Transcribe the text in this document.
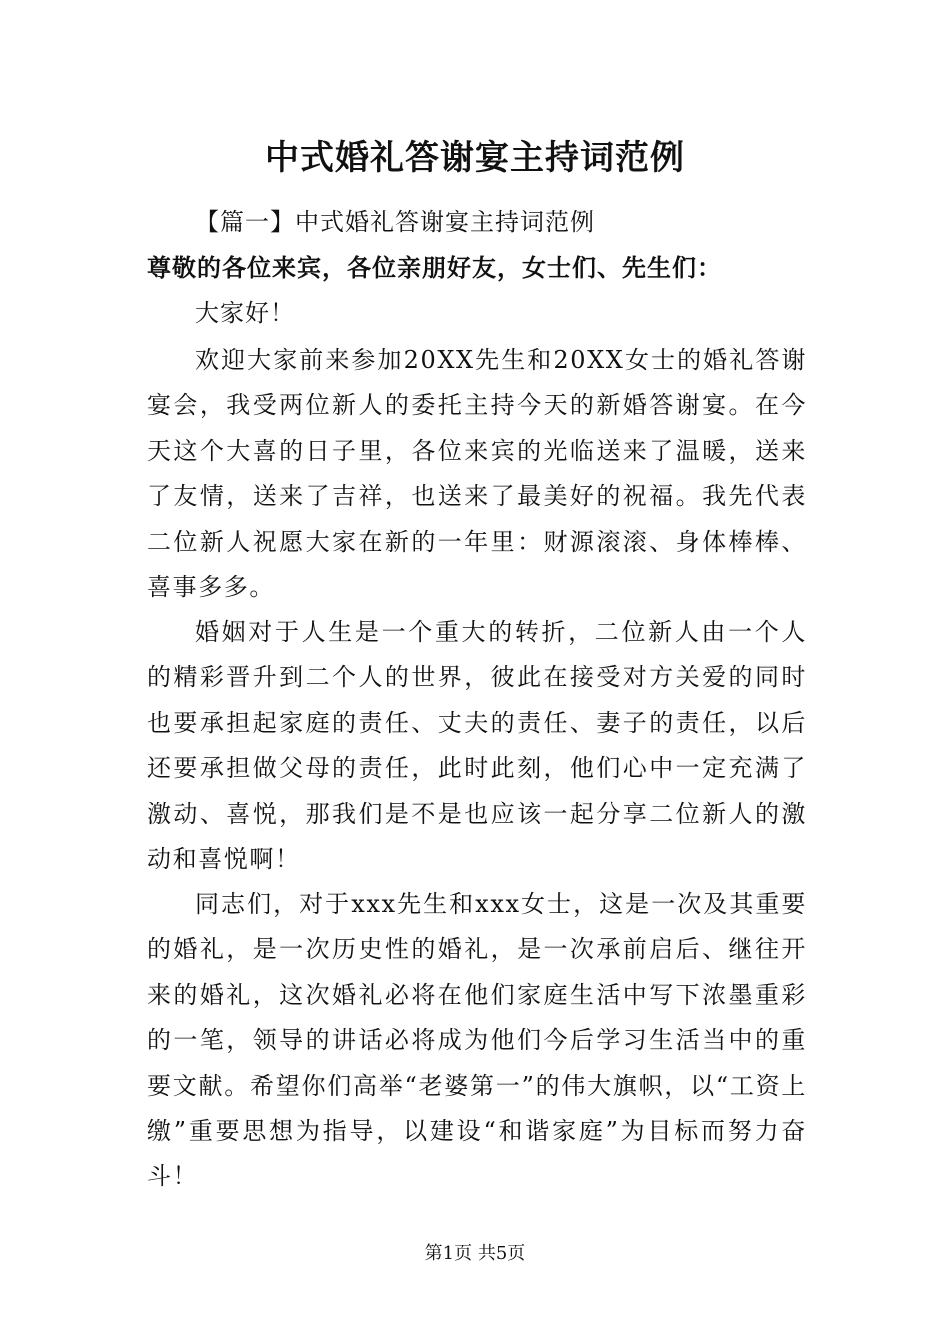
中式婚礼答谢宴主持词范例
【篇一】中式婚礼答谢宴主持词范例
尊敬的各位来宾，各位亲朋好友，女士们、先生们：
大家好！

欢迎大家前来参加20XX先生和20XX女士的婚礼答谢宴会，我受两位新人的委托主持今天的新婚答谢宴。在今天这个大喜的日子里，各位来宾的光临送来了温暖，送来了友情，送来了吉祥，也送来了最美好的祝福。我先代表二位新人祝愿大家在新的一年里：财源滚滚、身体棒棒、喜事多多。

婚姻对于人生是一个重大的转折，二位新人由一个人的精彩晋升到二个人的世界，彼此在接受对方关爱的同时也要承担起家庭的责任、丈夫的责任、妻子的责任，以后还要承担做父母的责任，此时此刻，他们心中一定充满了激动、喜悦，那我们是不是也应该一起分享二位新人的激动和喜悦啊！

同志们，对于xxx先生和xxx女士，这是一次及其重要的婚礼，是一次历史性的婚礼，是一次承前启后、继往开来的婚礼，这次婚礼必将在他们家庭生活中写下浓墨重彩的一笔，领导的讲话必将成为他们今后学习生活当中的重要文献。希望你们高举“老婆第一”的伟大旗帜，以“工资上缴”重要思想为指导，以建设“和谐家庭”为目标而努力奋斗！

第1页 共5页
